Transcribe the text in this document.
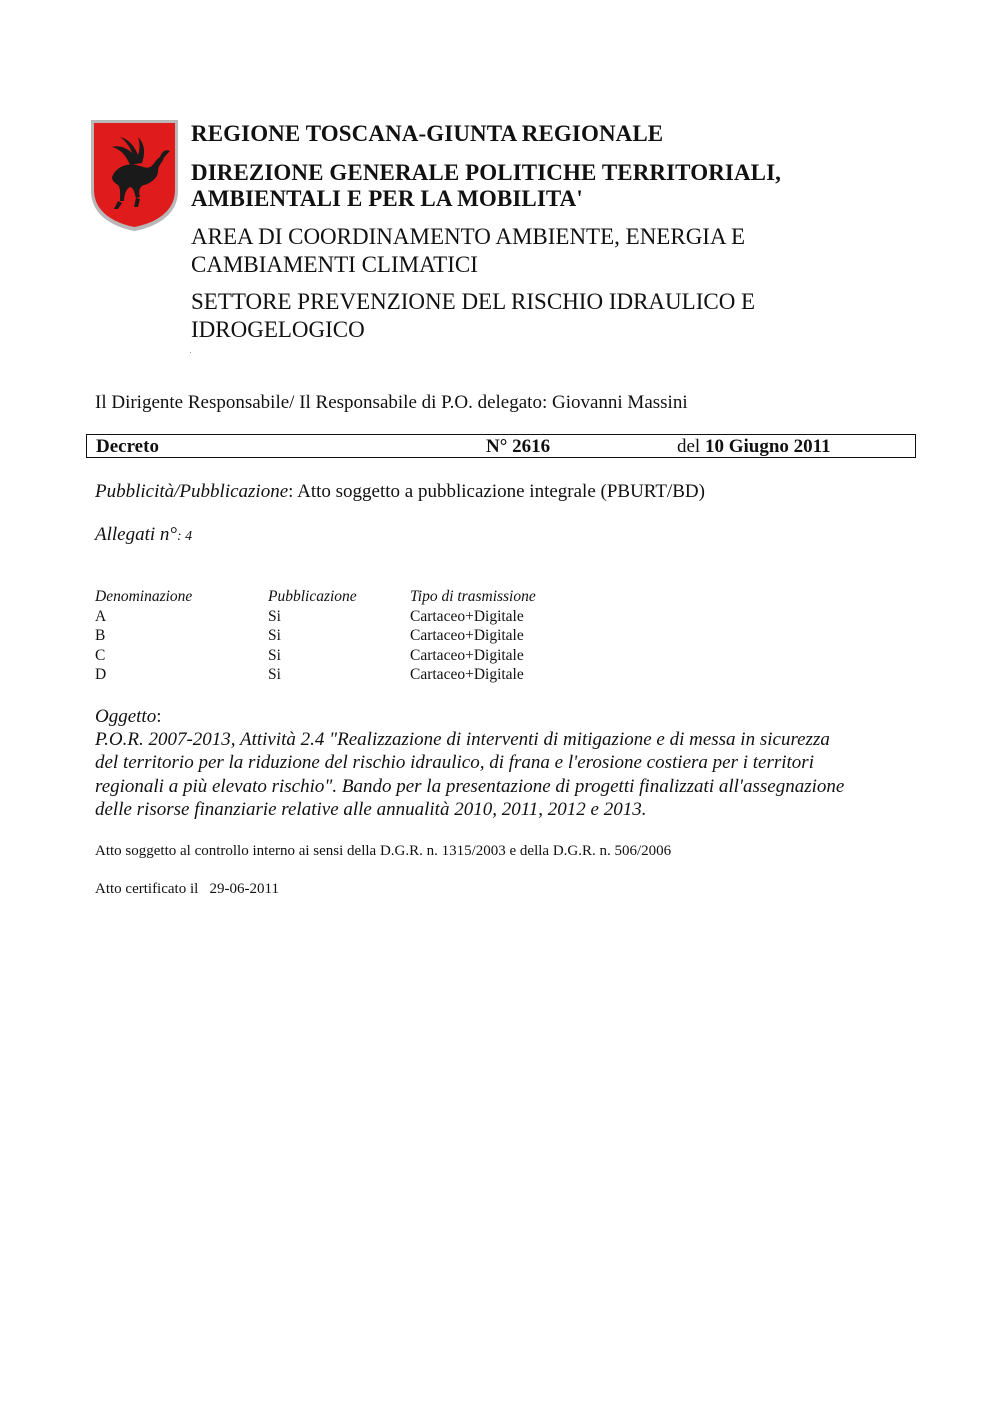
REGIONE TOSCANA-GIUNTA REGIONALE
DIREZIONE GENERALE POLITICHE TERRITORIALI,
AMBIENTALI E PER LA MOBILITA'
AREA DI COORDINAMENTO AMBIENTE, ENERGIA E
CAMBIAMENTI CLIMATICI
SETTORE PREVENZIONE DEL RISCHIO IDRAULICO E
IDROGELOGICO
Il Dirigente Responsabile/ Il Responsabile di P.O. delegato: Giovanni Massini
Decreto	N° 2616	del 10 Giugno 2011
Pubblicità/Pubblicazione: Atto soggetto a pubblicazione integrale (PBURT/BD)
Allegati n°: 4
Denominazione	Pubblicazione	Tipo di trasmissione
A	Si	Cartaceo+Digitale
B	Si	Cartaceo+Digitale
C	Si	Cartaceo+Digitale
D	Si	Cartaceo+Digitale
Oggetto:
P.O.R. 2007-2013, Attività 2.4 "Realizzazione di interventi di mitigazione e di messa in sicurezza
del territorio per la riduzione del rischio idraulico, di frana e l'erosione costiera per i territori
regionali a più elevato rischio". Bando per la presentazione di progetti finalizzati all'assegnazione
delle risorse finanziarie relative alle annualità 2010, 2011, 2012 e 2013.
Atto soggetto al controllo interno ai sensi della D.G.R. n. 1315/2003 e della D.G.R. n. 506/2006
Atto certificato il   29-06-2011
